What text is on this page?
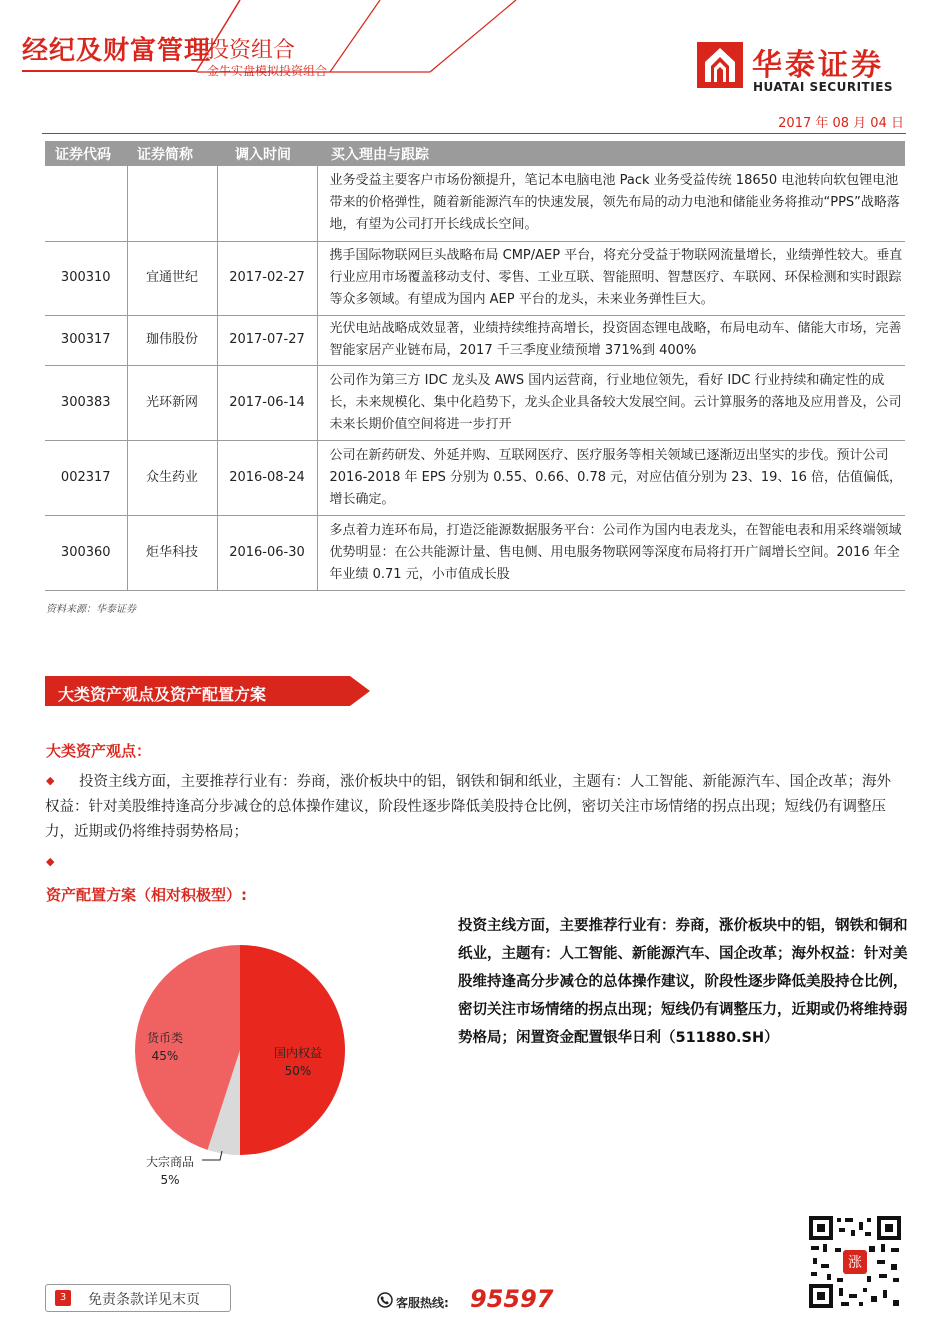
经纪及财富管理
投资组合
金牛实盘模拟投资组合	华泰证券
HUATAI SECURITIES
2017 年 08 月 04 日
证券代码	证券简称	调入时间	买入理由与跟踪
			业务受益主要客户市场份额提升，笔记本电脑电池 Pack 业务受益传统 18650 电池转向软包锂电池带来的价格弹性，随着新能源汽车的快速发展，领先布局的动力电池和储能业务将推动“PPS”战略落地，有望为公司打开长线成长空间。
300310	宜通世纪	2017-02-27	携手国际物联网巨头战略布局 CMP/AEP 平台，将充分受益于物联网流量增长，业绩弹性较大。垂直行业应用市场覆盖移动支付、零售、工业互联、智能照明、智慧医疗、车联网、环保检测和实时跟踪等众多领域。有望成为国内 AEP 平台的龙头，未来业务弹性巨大。
300317	珈伟股份	2017-07-27	光伏电站战略成效显著，业绩持续维持高增长，投资固态锂电战略，布局电动车、储能大市场，完善智能家居产业链布局，2017 千三季度业绩预增 371%到 400%
300383	光环新网	2017-06-14	公司作为第三方 IDC 龙头及 AWS 国内运营商，行业地位领先，看好 IDC 行业持续和确定性的成长，未来规模化、集中化趋势下，龙头企业具备较大发展空间。云计算服务的落地及应用普及，公司未来长期价值空间将进一步打开
002317	众生药业	2016-08-24	公司在新药研发、外延并购、互联网医疗、医疗服务等相关领域已逐渐迈出坚实的步伐。预计公司 2016-2018 年 EPS 分别为 0.55、0.66、0.78 元，对应估值分别为 23、19、16 倍，估值偏低，增长确定。
300360	炬华科技	2016-06-30	多点着力连环布局，打造泛能源数据服务平台：公司作为国内电表龙头，在智能电表和用采终端领域优势明显：在公共能源计量、售电侧、用电服务物联网等深度布局将打开广阔增长空间。2016 年全年业绩 0.71 元，小市值成长股
资料来源：华泰证券
大类资产观点及资产配置方案
大类资产观点：
◆	投资主线方面，主要推荐行业有：券商，涨价板块中的铝，钢铁和铜和纸业，主题有：人工智能、新能源汽车、国企改革；海外权益：针对美股维持逢高分步减仓的总体操作建议，阶段性逐步降低美股持仓比例，密切关注市场情绪的拐点出现；短线仍有调整压力，近期或仍将维持弱势格局；
◆
资产配置方案（相对积极型）:
国内权益
50%
大宗商品
5%
货币类
45%
投资主线方面，主要推荐行业有：券商，涨价板块中的铝，钢铁和铜和纸业，主题有：人工智能、新能源汽车、国企改革；海外权益：针对美股维持逢高分步减仓的总体操作建议，阶段性逐步降低美股持仓比例，密切关注市场情绪的拐点出现；短线仍有调整压力，近期或仍将维持弱势格局；闲置资金配置银华日利（511880.SH）
3	免责条款详见末页	客服热线: 95597
涨
